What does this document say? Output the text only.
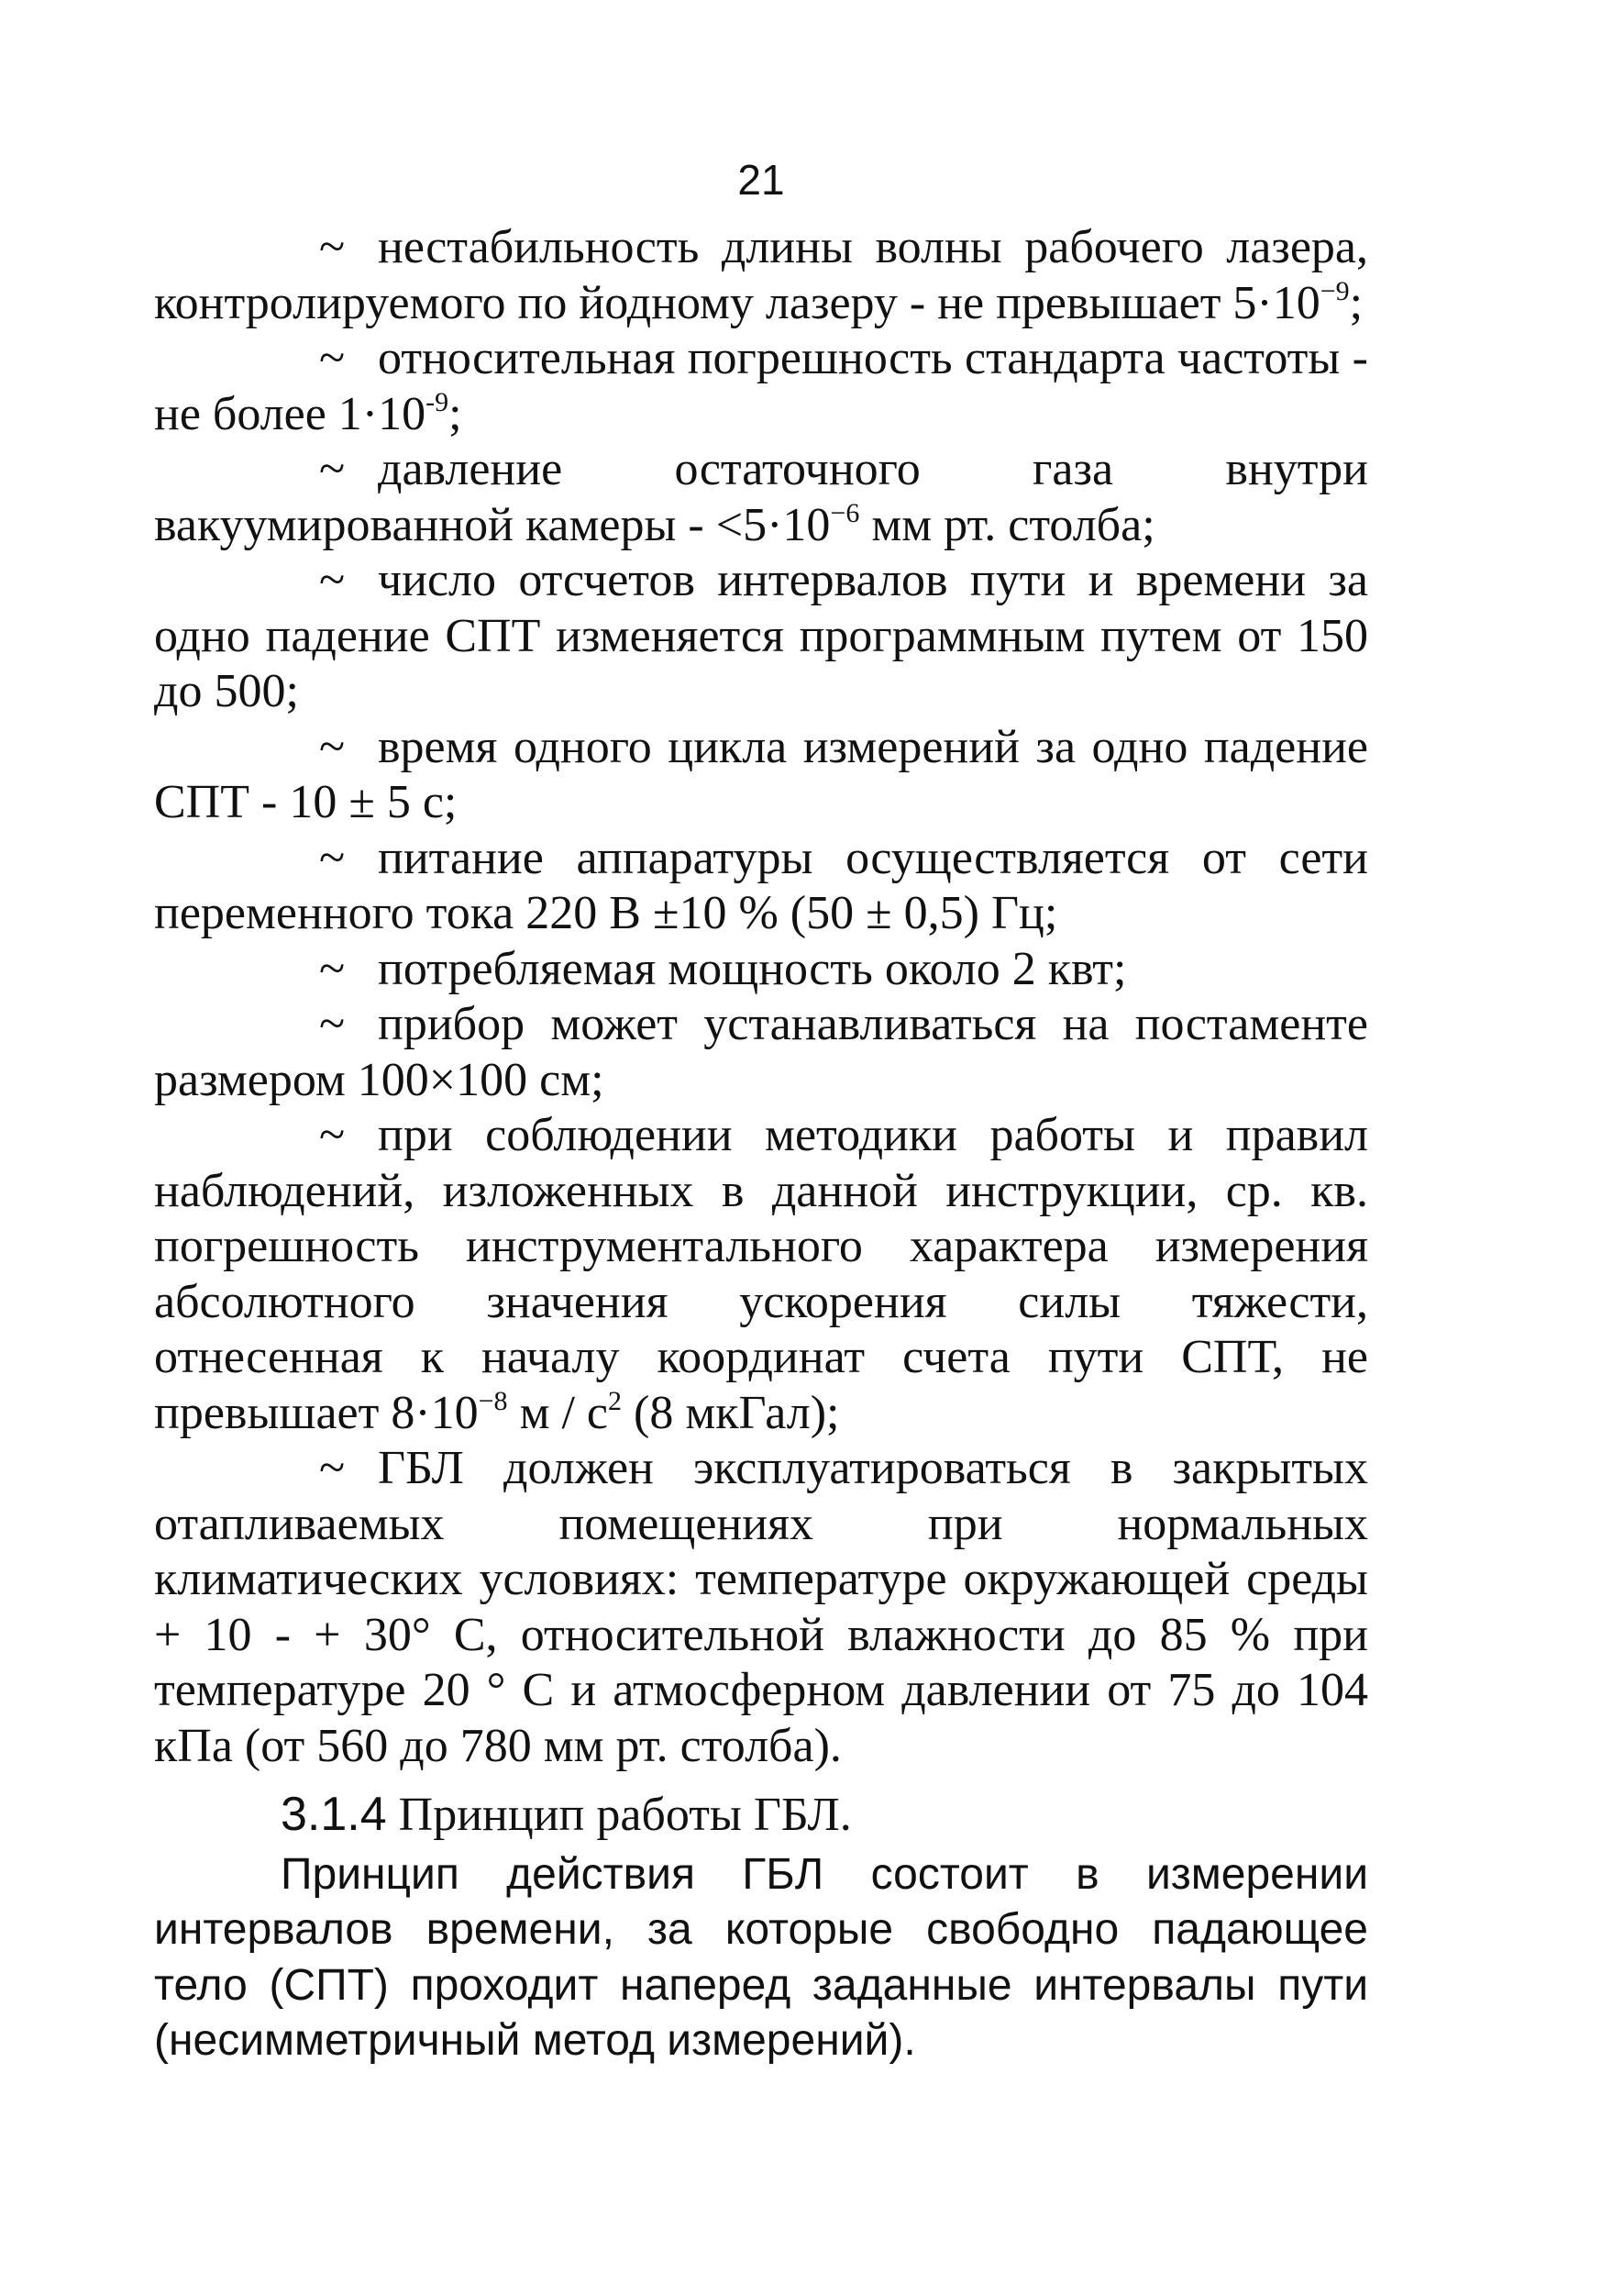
21

~ нестабильность длины волны рабочего лазера, контролируемого по йодному лазеру - не превышает $5\cdot 10^{-9}$;

~ относительная погрешность стандарта частоты - не более $1\cdot 10^{-9}$;

~ давление остаточного газа внутри вакуумированной камеры - $<5\cdot 10^{-6}$ мм рт. столба;

~ число отсчетов интервалов пути и времени за одно падение СПТ изменяется программным путем от 150 до 500;

~ время одного цикла измерений за одно падение СПТ - 10 ± 5 с;

~ питание аппаратуры осуществляется от сети переменного тока 220 В ±10 % (50 ± 0,5) Гц;

~ потребляемая мощность около 2 квт;

~ прибор может устанавливаться на постаменте размером 100×100 см;

~ при соблюдении методики работы и правил наблюдений, изложенных в данной инструкции, ср. кв. погрешность инструментального характера измерения абсолютного значения ускорения силы тяжести, отнесенная к началу координат счета пути СПТ, не превышает $8\cdot 10^{-8}$ м / $с^2$ (8 мкГал);

~ ГБЛ должен эксплуатироваться в закрытых отапливаемых помещениях при нормальных климатических условиях: температуре окружающей среды + 10 - + 30° С, относительной влажности до 85 % при температуре 20 ° С и атмосферном давлении от 75 до 104 кПа (от 560 до 780 мм рт. столба).

3.1.4 Принцип работы ГБЛ.

Принцип действия ГБЛ состоит в измерении интервалов времени, за которые свободно падающее тело (СПТ) проходит наперед заданные интервалы пути (несимметричный метод измерений).
